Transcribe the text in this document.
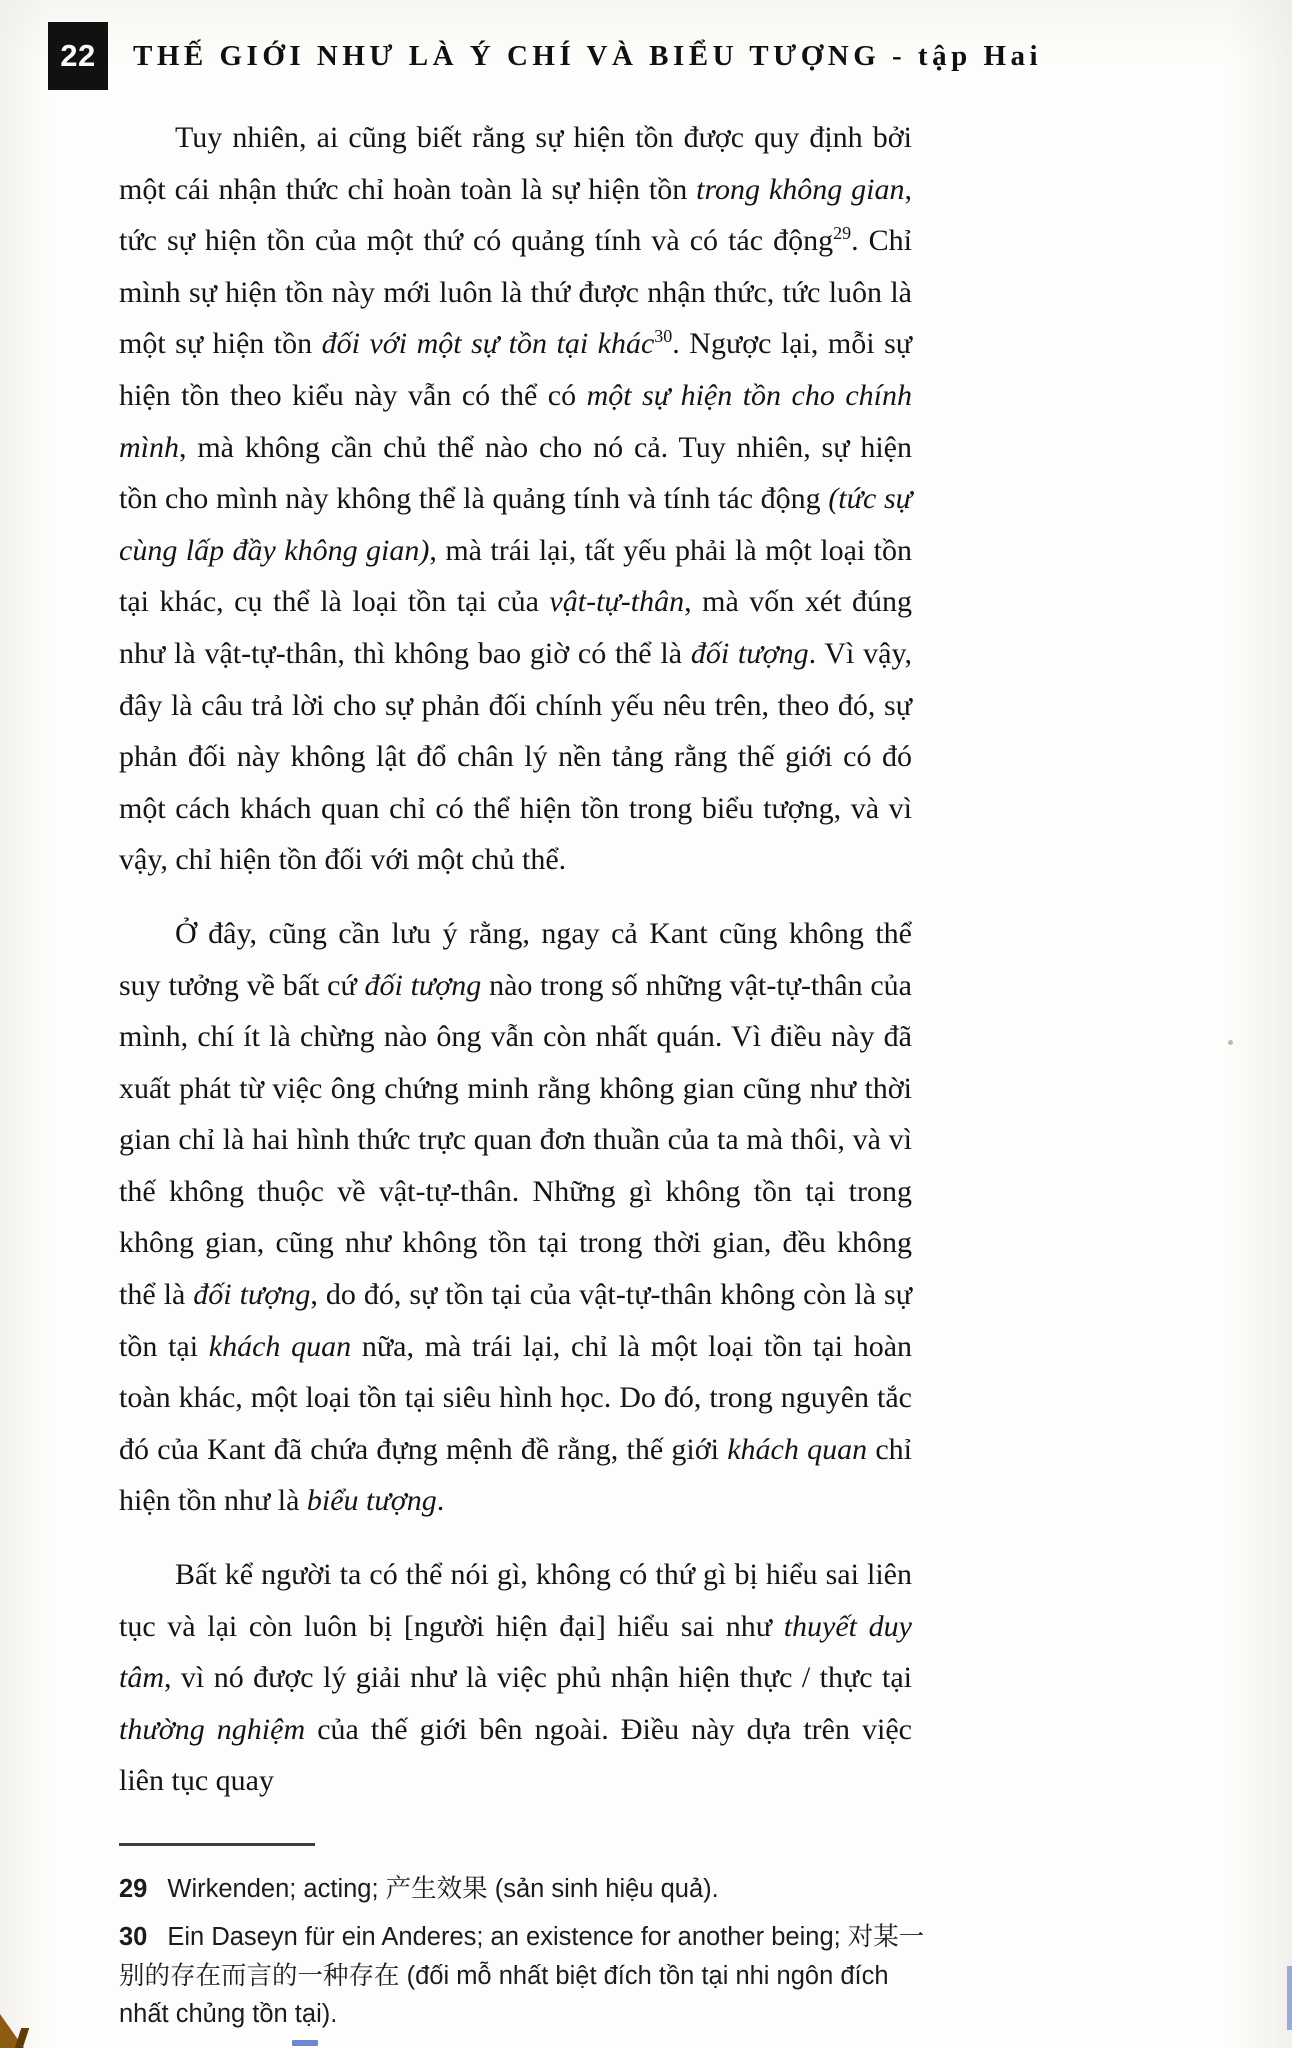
22 THẾ GIỚI NHƯ LÀ Ý CHÍ VÀ BIỂU TƯỢNG - tập Hai

Tuy nhiên, ai cũng biết rằng sự hiện tồn được quy định bởi một cái nhận thức chỉ hoàn toàn là sự hiện tồn trong không gian, tức sự hiện tồn của một thứ có quảng tính và có tác động$^{29}$. Chỉ mình sự hiện tồn này mới luôn là thứ được nhận thức, tức luôn là một sự hiện tồn đối với một sự tồn tại khác$^{30}$. Ngược lại, mỗi sự hiện tồn theo kiểu này vẫn có thể có một sự hiện tồn cho chính mình, mà không cần chủ thể nào cho nó cả. Tuy nhiên, sự hiện tồn cho mình này không thể là quảng tính và tính tác động (tức sự cùng lấp đầy không gian), mà trái lại, tất yếu phải là một loại tồn tại khác, cụ thể là loại tồn tại của vật-tự-thân, mà vốn xét đúng như là vật-tự-thân, thì không bao giờ có thể là đối tượng. Vì vậy, đây là câu trả lời cho sự phản đối chính yếu nêu trên, theo đó, sự phản đối này không lật đổ chân lý nền tảng rằng thế giới có đó một cách khách quan chỉ có thể hiện tồn trong biểu tượng, và vì vậy, chỉ hiện tồn đối với một chủ thể.

Ở đây, cũng cần lưu ý rằng, ngay cả Kant cũng không thể suy tưởng về bất cứ đối tượng nào trong số những vật-tự-thân của mình, chí ít là chừng nào ông vẫn còn nhất quán. Vì điều này đã xuất phát từ việc ông chứng minh rằng không gian cũng như thời gian chỉ là hai hình thức trực quan đơn thuần của ta mà thôi, và vì thế không thuộc về vật-tự-thân. Những gì không tồn tại trong không gian, cũng như không tồn tại trong thời gian, đều không thể là đối tượng, do đó, sự tồn tại của vật-tự-thân không còn là sự tồn tại khách quan nữa, mà trái lại, chỉ là một loại tồn tại hoàn toàn khác, một loại tồn tại siêu hình học. Do đó, trong nguyên tắc đó của Kant đã chứa đựng mệnh đề rằng, thế giới khách quan chỉ hiện tồn như là biểu tượng.

Bất kể người ta có thể nói gì, không có thứ gì bị hiểu sai liên tục và lại còn luôn bị [người hiện đại] hiểu sai như thuyết duy tâm, vì nó được lý giải như là việc phủ nhận hiện thực / thực tại thường nghiệm của thế giới bên ngoài. Điều này dựa trên việc liên tục quay

29 Wirkenden; acting; 产生效果 (sản sinh hiệu quả).

30 Ein Daseyn für ein Anderes; an existence for another being; 对某一别的存在而言的一种存在 (đối mỗ nhất biệt đích tồn tại nhi ngôn đích nhất chủng tồn tại).
